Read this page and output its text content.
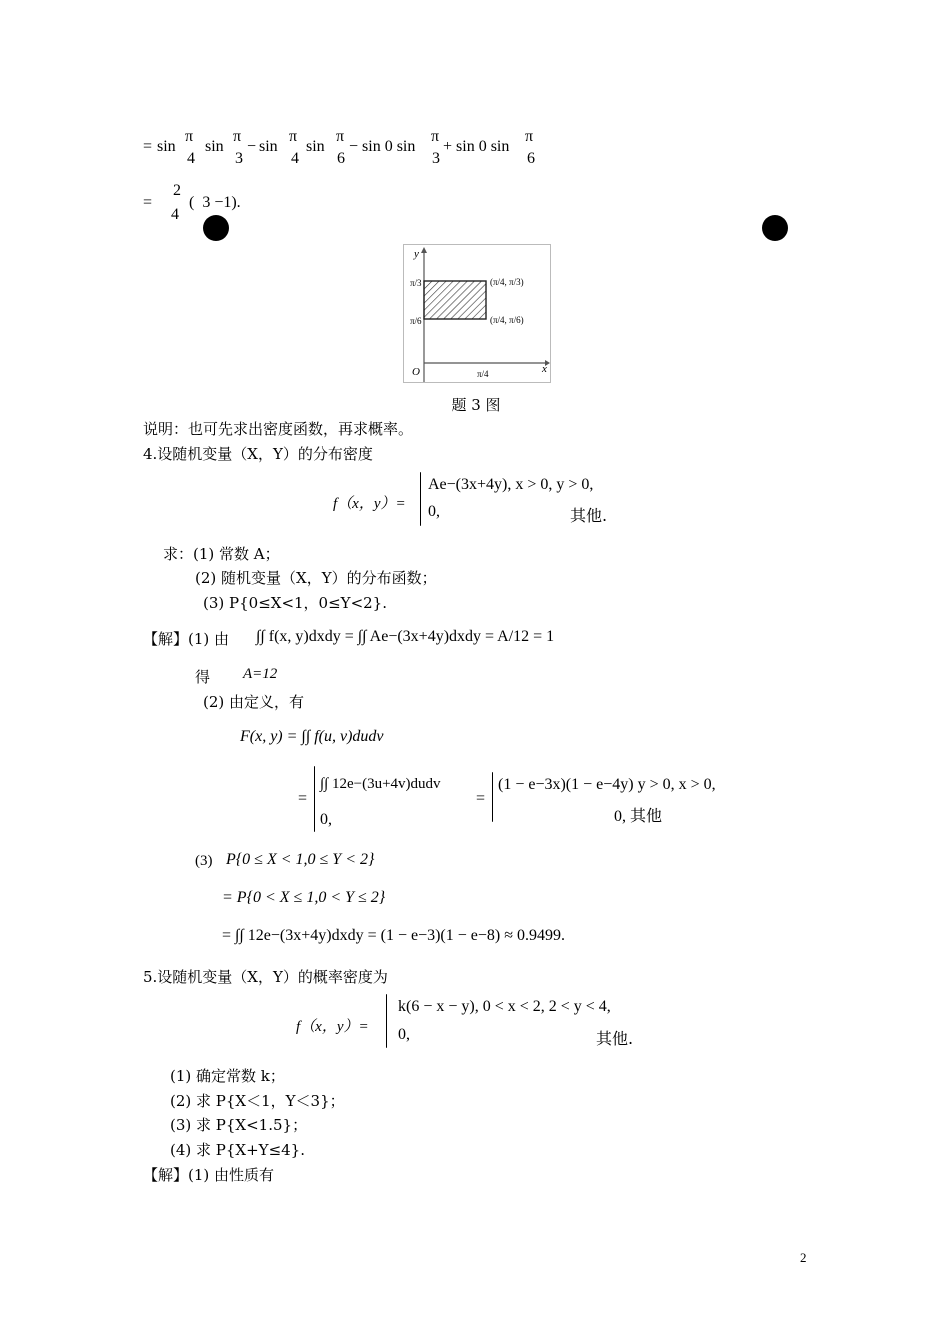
= sin
π
4
sin
π
3
− sin
π
4
sin
π
6
− sin 0 sin
π
3
+ sin 0 sin
π
6
=
2
4
(  3 −1).
y
x
O
π/3
π/6
π/4
(π/4, π/3)
(π/4, π/6)
题 3 图
说明：也可先求出密度函数，再求概率。
4.设随机变量（X，Y）的分布密度
f（x，y）=
Ae−(3x+4y), x > 0, y > 0,
0,	其他.
求：(1) 常数 A；
(2) 随机变量（X，Y）的分布函数；
(3) P{0≤X<1，0≤Y<2}.
【解】(1) 由 ∫∫ f(x, y)dxdy = ∫∫ Ae−(3x+4y)dxdy = A/12 = 1
得 A=12
(2) 由定义，有
F(x, y) = ∫∫ f(u, v)dudv
=
∫∫ 12e−(3u+4v)dudv
0,
=
(1 − e−3x)(1 − e−4y) y > 0, x > 0,
0, 其他
(3) P{0 ≤ X < 1,0 ≤ Y < 2}
= P{0 < X ≤ 1,0 < Y ≤ 2}
= ∫∫ 12e−(3x+4y)dxdy = (1 − e−3)(1 − e−8) ≈ 0.9499.
5.设随机变量（X，Y）的概率密度为
f（x，y）=
k(6 − x − y), 0 < x < 2, 2 < y < 4,
0,	其他.
(1) 确定常数 k；
(2) 求 P{X＜1，Y＜3}；
(3) 求 P{X<1.5}；
(4) 求 P{X+Y≤4}.
【解】(1) 由性质有
2
